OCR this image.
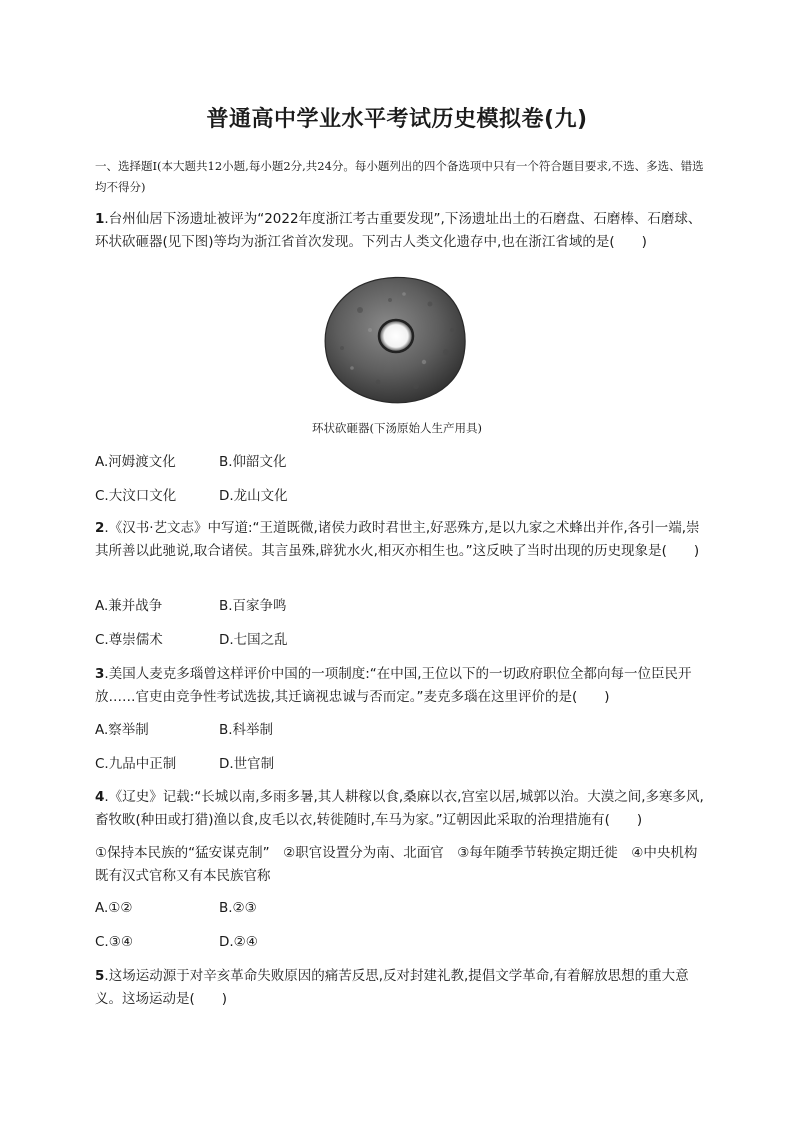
普通高中学业水平考试历史模拟卷(九)
一、选择题Ⅰ(本大题共12小题,每小题2分,共24分。每小题列出的四个备选项中只有一个符合题目要求,不选、多选、错选均不得分)
1.台州仙居下汤遗址被评为“2022年度浙江考古重要发现”,下汤遗址出土的石磨盘、石磨棒、石磨球、环状砍砸器(见下图)等均为浙江省首次发现。下列古人类文化遗存中,也在浙江省域的是(　　)
环状砍砸器(下汤原始人生产用具)
A.河姆渡文化	B.仰韶文化
C.大汶口文化	D.龙山文化
2.《汉书·艺文志》中写道:“王道既微,诸侯力政时君世主,好恶殊方,是以九家之术蜂出并作,各引一端,崇其所善以此驰说,取合诸侯。其言虽殊,辟犹水火,相灭亦相生也。”这反映了当时出现的历史现象是(　　)
A.兼并战争	B.百家争鸣
C.尊崇儒术	D.七国之乱
3.美国人麦克多瑙曾这样评价中国的一项制度:“在中国,王位以下的一切政府职位全都向每一位臣民开放……官吏由竞争性考试选拔,其迁谪视忠诚与否而定。”麦克多瑙在这里评价的是(　　)
A.察举制	B.科举制
C.九品中正制	D.世官制
4.《辽史》记载:“长城以南,多雨多暑,其人耕稼以食,桑麻以衣,宫室以居,城郭以治。大漠之间,多寒多风,畜牧畋(种田或打猎)渔以食,皮毛以衣,转徙随时,车马为家。”辽朝因此采取的治理措施有(　　)
①保持本民族的“猛安谋克制”　②职官设置分为南、北面官　③每年随季节转换定期迁徙　④中央机构既有汉式官称又有本民族官称
A.①②	B.②③
C.③④	D.②④
5.这场运动源于对辛亥革命失败原因的痛苦反思,反对封建礼教,提倡文学革命,有着解放思想的重大意义。这场运动是(　　)
